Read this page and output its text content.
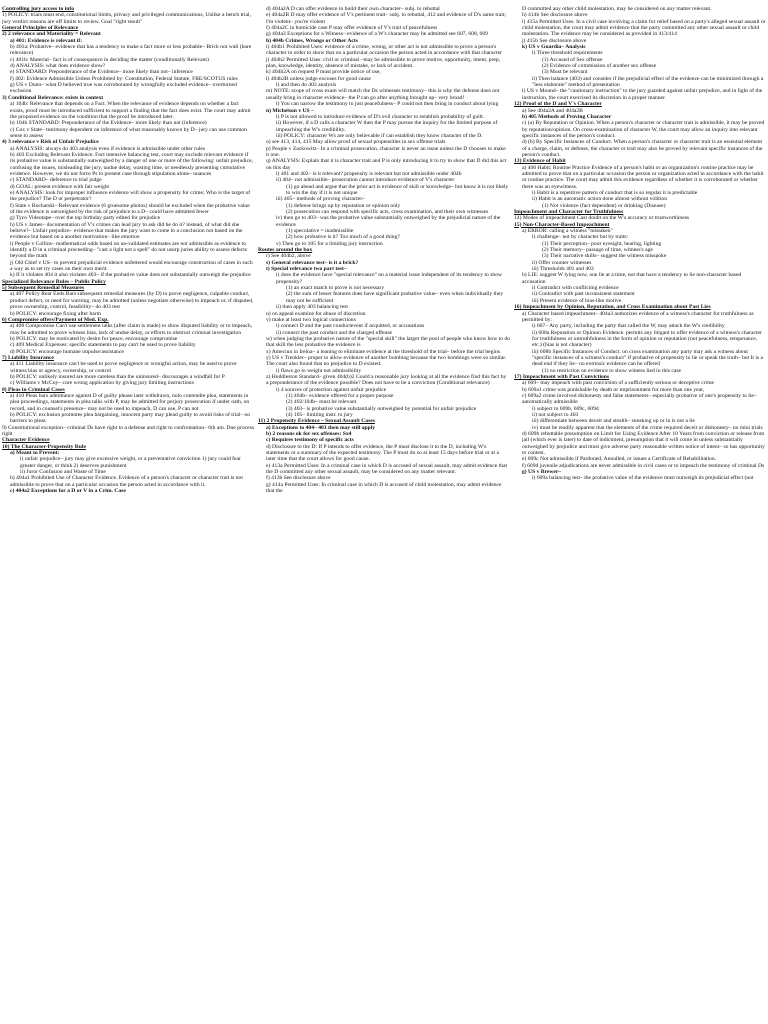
Controlling jury access to info
1) POLICY: trials must end, constitutional limits, privacy and privileged communications, Unlike a bench trial, jury verdict reasons are off limits to review. Goal "right result"
General Principles of Relevance
2) 2 relevance and Materiality = Relevant
a) 401: Evidence is relevant if:
b) 401a: Probative– evidence that has a tendency to make a fact more or less probable– Brick not wall (bare relevance)
c) 401b: Material– fact is of consequence in deciding the matter (conditionally Relevant)
d) ANALYSIS: what does evidence show?
e) STANDARD: Preponderance of the Evidence– more likely than not– inference
f) 402: Evidence Admissible Unless Prohibited by: Constitution, Federal Statute, FRE/SCOTUS rules
g) US v Dunn– what D believed true was corroborated by wrongfully excluded evidence– overturned exclusion
3) Conditional Relevance: exists in context
a) 104b: Relevance that depends on a Fact. When the relevance of evidence depends on whether a fact exists, proof must be introduced sufficient to support a finding that the fact does exist. The court may admit the proposed evidence on the condition that the proof be introduced later.
b) 104b STANDARD: Preponderance of the Evidence– more likely than not (inference)
c) Cox v State– testimony dependent on inference of what reasonably known by D– jury can use common sense to assess
4) 3 relevance v Risk of Unfair Prejudice
a) ANALYSIS: always do 403 analysis even if evidence is admissible under other rules
b) 403 Excluding Relevant Evidence. Fact intensive balancing test, court may exclude relevant evidence if its probative value is substantially outweighed by a danger of one or more of the following: unfair prejudice, confusing the issues, misleading the jury, undue delay, wasting time, or needlessly presenting cumulative evidence. However, we do not force Ps to present case through stipulation alone– nuances
c) STANDARD– deference to trial judge
d) GOAL: present evidence with fair weight
e) ANALYSIS: look for improper influence evidence will show a propensity for crime; Who is the target of the prejudice? The D or perpetrator?
f) State v Bocharski– Relevant evidence (6 gruesome photos) should be excluded when the probative value of the evidence is outweighed by the risk of prejudice to a D– could have admitted fewer
g) Tyco Videotape– over the top birthday party edited for prejudice
h) US v James– documentation of V's crimes can lead jury to ask did he do it? instead, of what did she believe?– Unfair prejudice– evidence that makes the jury want to come to a conclusion not based on the evidence but based on a another motivation– like emotion
i) People v Collins– mathematical odds based on un-validated estimates are not admissible as evidence to identify a D in a criminal proceeding– "cast a light not a spell" do not usurp juries ability to assess defects beyond the math
j) Old Chief v US– to prevent prejudicial evidence unfettered would encourage construction of cases in such a way as to set try cases on their own merit.
k) If it violates 404 it also violates 403– if the probative value does not substantially outweigh the prejudice
Specialized Relevance Rules – Public Policy
5) Subsequent Remedial Measures
a) 407 Policy Rear Ends Bars subsequent remedial measures (by D) to prove negligence, culpable conduct, product defect, or need for warning, may be admitted (unless negotiate otherwise) to impeach or, if disputed, prove ownership, control, feasibility– do 403 test
b) POLICY: encourage fixing after harm
6) Compromise offers/Payment of Med. Exp.
a) 408 Compromise Can't use settlement talks (after claim is made) to show disputed liability or to impeach, may be admitted to prove witness bias, lack of undue delay, or efforts to obstruct criminal investigation
b) POLICY: may be motivated by desire for peace, encourage compromise
c) 409 Medical Expenses: specific statements to pay can't be used to prove liability
d) POLICY: encourage humane impulse/assistance
7) Liability Insurance
a) 411 Liability insurance can't be used to prove negligence or wrongful action, may be used to prove witness bias or agency, ownership, or control
b) POLICY: unlikely insured are more careless than the uninsured– discourages a windfall for P
c) Williams v McCoy– cure wrong application by giving jury limiting instructions
8) Pleas in Criminal Cases
a) 410 Pleas bars admittance against D of guilty please later withdrawn, nolo contendre plea, statements in plea proceedings, statements in plea talks with P, may be admitted for perjury prosecution if under oath, on record, and in counsel's presence– may not be used to impeach, D can use, P can not
b) POLICY: exclusion promotes plea bargaining, innocent party may plead guilty to avoid risks of trial– no barriers to pleas
9) Constitutional exception– criminal Ds have right to a defense and right to confrontation– 6th am. Due process right
Character Evidence
10) The Character-Propensity Rule
a) Meant to Prevent:
i) unfair prejudice– jury may give excessive weight, or a preventative conviction 1) jury could fear greater danger, or think 2) deserves punishment
ii) Juror Confusion and Waste of Time
b) 404a1 Prohibited Use of Character Evidence. Evidence of a person's character or character trait is not admissible to prove that on a particular occasion the person acted in accordance with it.
c) 404a2 Exceptions for a D or V in a Crim. Case
d) 404a2A D can offer evidence to build their own character– subj. to rebuttal
e) 404a2B D may offer evidence of V's pertinent trait– subj. to rebuttal, 412 and evidence of D's same trait; I'm violent– you're violent
f) 404a2C in homicide case P may offer evidence of V's trait of peacefulness
g) 404a3 Exceptions for a Witness– evidence of a W's character may be admitted see 607, 608, 609
h) 404b Crimes, Wrongs or Other Acts
i) 404b1 Prohibited Uses: evidence of a crime, wrong, or other act is not admissible to prove a person's character in order to show that on a particular occasion the person acted in accordance with that character
j) 404b2 Permitted Uses: civil or criminal –may be admissible to prove motive, opportunity, intent, prep, plan, knowledge, identity, absence of mistake, or lack of accident.
k) 404b2A on request P must provide notice of use,
l) 404b2B unless judge excuses for good cause
i) and then do 403 analysis
m) NOTE: scope of cross exam will match the Ds witnesses testimony– this is why the defense does not usually bring in character evidence– the P can go after anything brought up– very broad!
i) You can narrow the testimony to just peacefulness– P could not then bring in conduct about lying
n) Michelson v US –
i) P is not allowed to introduce evidence of D's evil character to establish probability of guilt.
ii) However, if a D calls a character W then the P may pursue the inquiry for the limited purpose of impeaching the W's credibility.
iii) POLICY: character Ws are only believable if can establish they know character of the D.
o) see 413, 414, 415 May allow proof of sexual propensities in sex offense trials
p) People v Zackowitz– In a criminal prosecution, character is never an issue unless the D chooses to make it one.
q) ANALYSIS: Explain that it is character trait and P is only introducing it to try to show that D did this act on this day
i) 401 and 402– is it relevant? propensity is relevant but not admissible under 404b
ii) 404– not admissible– prosecution cannot introduce evidence of V's character
(1) go ahead and argue that the prior act is evidence of skill or knowledge– but know it is not likely to win the day if it is not unique
iii) 405– methods of proving character–
(1) defense brings up by reputation or opinion only
(2) prosecution can respond with specific acts, cross examination, and their own witnesses
iv) then go to 403– was the probative value substantially outweighed by the prejudicial nature of the evidence
(1) speculative = inadmissible
(2) how probative is it? Too much of a good thing?
v) Then go to 105 for a limiting jury instruction
Routes around the box
r) See 404b2, above
s) General relevance test– is it a brick?
t) Special relevance two part test–
i) does the evidence have "special relevance" on a material issue independent of its tendency to show propensity?
(1) an exact match to prove is not necessary
(2) the sum of lesser features does have significant probative value– even when individually they may not be sufficient
ii) then apply 403 balancing test
u) on appeal examine for abuse of discretion
v) make at least two logical connections
i) connect D and the past conductevent if acquitted, or accusations
ii) connect the past conduct and the charged offense
w) when judging the probative nature of the "special skill" the larger the pool of people who know how to do that skill the less probative the evidence is
x) Ameciun in Ireina– a leaning to eliminate evidence at the threshold of the trial– before the trial begins
y) US v Trenkler– proper to allow evidence of another bombing because the two bombings were so similar. The court also found that no prejudice to D existed.
i) flaws go to weight not admissibility
z) Huddleston Standard– given 404(b)2 Could a reasonable jury looking at all the evidence find this fact by a preponderance of the evidence possible? Does not have to be a conviction (Conditional relevance)
i) 4 sources of protection against unfair prejudice
(1) 404b– evidence offered for a proper purpose
(2) 402/104b– must be relevant
(3) 403– is probative value substantially outweighed by potential for unfair prejudice
(4) 105– limiting instr. to jury
11) 2 Propensity Evidence – Sexual Assault Cases
a) Exceptions to 404– 403 then may still apply
b) 2 reasons ok for sex offenses: Sx4
c) Requires testimony of specific acts
d) Disclosure to the D: If P intends to offer evidence, the P must disclose it to the D, including W's statements or a summary of the expected testimony. The P must do so at least 15 days before trial or at a later time that the court allows for good cause.
e) 413a Permitted Uses: In a criminal case in which D is accused of sexual assault, may admit evidence that the D committed any other sexual assault, may be considered on any matter relevant.
f) 413b See disclosure above
g) 414a Permitted Uses: In criminal case in which D is accused of child molestation, may admit evidence that the
D committed any other child molestation, may be considered on any matter relevant.
h) 414b See disclosure above
i) 415a Permitted Uses: In a civil case involving a claim for relief based on a party's alleged sexual assault or child molestation, the court may admit evidence that the party committed any other sexual assault or child molestation. The evidence may be considered as provided in 413/414
j) 415b See disclosure above
k) US v Guardia– Analysis
i) Three threshold requirements
(1) Accused of Sex offense
(2) Evidence of commission of another sex offense
(3) Must be relevant
ii) Then balance (403) and consider if the prejudicial effect of the evidence can be minimized through a "less elaborate" method of presentation
l) US v Mound– the "cautionary instruction" to the jury guarded against unfair prejudice, and in light of the instruction, the court exercised its discretion in a proper manner.
12) Proof of the D and V's Character
a) See 404a2A and 404a2B
b) 405 Methods of Proving Character
c) (a) By Reputation or Opinion. When a person's character or character trait is admissible, it may be proved by reputation/opinion. On cross-examination of character W, the court may allow an inquiry into relevant specific instances of the person's conduct.
d) (b) By Specific Instances of Conduct. When a person's character or character trait is an essential element of a charge, claim, or defense, the character or trait may also be proved by relevant specific instances of the person's conduct.
13) Evidence of Habit
a) 406 Habit; Routine Practice Evidence of a person's habit or an organization's routine practice may be admitted to prove that on a particular occasion the person or organization acted in accordance with the habit or routine practice. The court may admit this evidence regardless of whether it is corroborated or whether there was an eyewitness.
i) Habit is a repetitive pattern of conduct that is so regular it is predictable
ii) Habit is an automatic action done almost without volition
(1) Not violence (fact dependent) or drinking (Disease)
Impeachment and Character for Truthfulness
14) Modes of impeachment Cast doubt on the W's accuracy or trustworthiness
15) Non-Character-Based Impeachment
a) ERROR: calling a witness "mistaken"
i) challenge– not by character but by traits:
(1) Their perception– poor eyesight, hearing, lighting
(2) Their memory– passage of time, witness's age
(3) Their narrative skills– suggest the witness misspoke
ii) Offer counter witnesses
iii) Thresholds 401 and 403
b) LIE: suggest W lying now, one lie at a time, not that have a tendency to lie non-character based accusation
i) Contradict with conflicting evidence
ii) Contradict with past inconsistent statement
iii) Present evidence of bias-like motive
16) Impeachment by Opinion, Reputation, and Cross Examination about Past Lies
a) Character based impeachment– 404a3 authorizes evidence of a witness's character for truthfulness as permitted by:
i) 607– Any party, including the party that called the W, may attack the W's credibility
ii) 608a Reputation or Opinion Evidence. permits any litigant to offer evidence of a witness's character for truthfulness or untruthfulness in the form of opinion or reputation (not peacefulness, temperance, etc.) (bias is not character)
iii) 608b Specific Instances of Conduct. on cross examination any party may ask a witness about "specific instances of a witness's conduct" if probative of propensity to lie or speak the truth– but It is a dead end if they lie– no extrinsic evidence can be offered
(1) no restriction on evidence to show witness lied in this case
17) Impeachment with Past Convictions
a) 609– may impeach with past conviction of a sufficiently serious or deceptive crime
b) 609a1 crime was punishable by death or imprisonment for more than one year,
c) 609a2 crime involved dishonesty and false statements– especially probative of one's propensity to lie– automatically admissible
i) subject to 609b, 609c, 609d
ii) not subject to 403
iii) differentiate between deceit and stealth– sneaking up or in is not a lie
iv) must be readily apparent that the elements of the crime required deceit or dishonesty– no mini trials
d) 609b rebuttable presumption on Limit for Using Evidence After 10 Years from conviction or release from jail (which ever is later) to date of indictment, presumption that it will come in unless substantially outweighed by prejudice and must give adverse party reasonable written notice of intent– so has opportunity to contest.
e) 609c Not admissible if Pardoned, Annulled, or issues a Certificate of Rehabilitation.
f) 609d juvenile adjudications are never admissible in civil cases or to impeach the testimony of criminal Ds
g) US v Brewer–
i) 609a balancing test– the probative value of the evidence must outweigh its prejudicial effect (not
